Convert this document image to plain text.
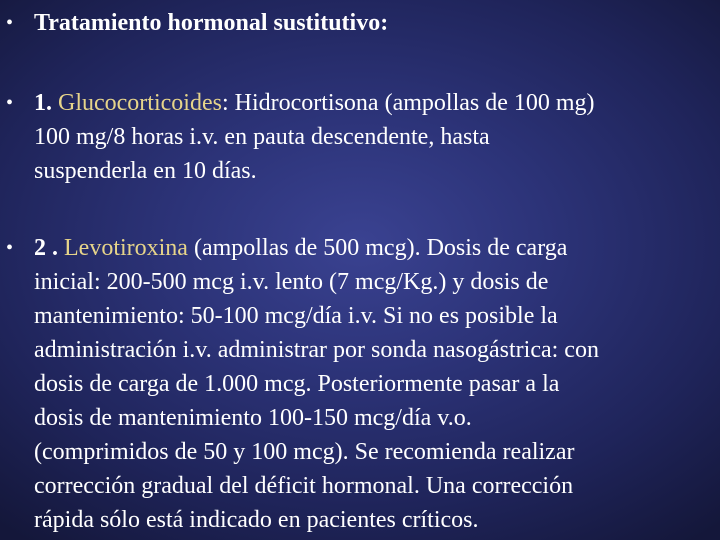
• Tratamiento hormonal sustitutivo:
• 1. Glucocorticoides: Hidrocortisona (ampollas de 100 mg)
100 mg/8 horas i.v. en pauta descendente, hasta
suspenderla en 10 días.
• 2 . Levotiroxina (ampollas de 500 mcg). Dosis de carga
inicial: 200-500 mcg i.v. lento (7 mcg/Kg.) y dosis de
mantenimiento: 50-100 mcg/día i.v. Si no es posible la
administración i.v. administrar por sonda nasogástrica: con
dosis de carga de 1.000 mcg. Posteriormente pasar a la
dosis de mantenimiento 100-150 mcg/día v.o.
(comprimidos de 50 y 100 mcg). Se recomienda realizar
corrección gradual del déficit hormonal. Una corrección
rápida sólo está indicado en pacientes críticos.
